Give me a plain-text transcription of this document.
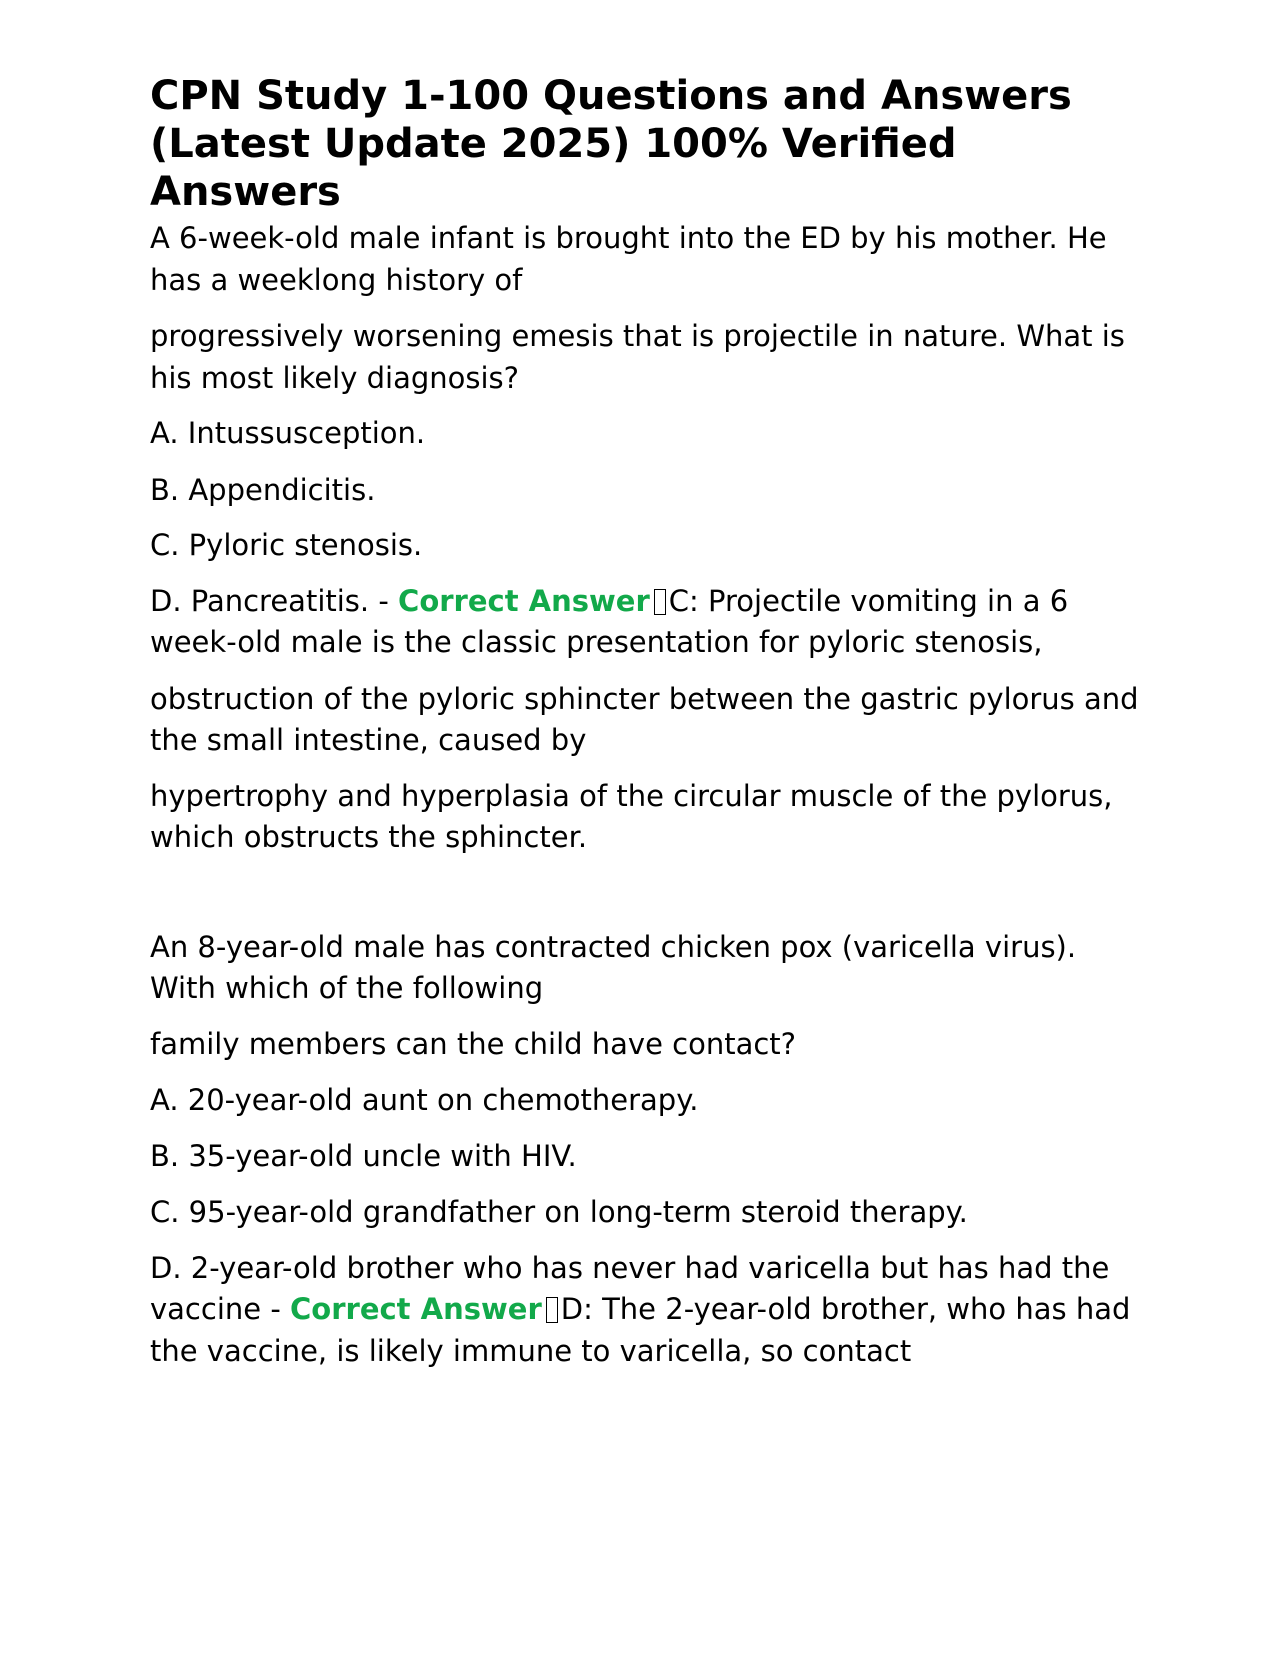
CPN Study 1-100 Questions and Answers (Latest Update 2025) 100% Verified Answers

A 6-week-old male infant is brought into the ED by his mother. He has a weeklong history of

progressively worsening emesis that is projectile in nature. What is his most likely diagnosis?

A. Intussusception.

B. Appendicitis.

C. Pyloric stenosis.

D. Pancreatitis. - Correct Answer C: Projectile vomiting in a 6 week-old male is the classic presentation for pyloric stenosis,

obstruction of the pyloric sphincter between the gastric pylorus and the small intestine, caused by

hypertrophy and hyperplasia of the circular muscle of the pylorus, which obstructs the sphincter.

An 8-year-old male has contracted chicken pox (varicella virus). With which of the following

family members can the child have contact?

A. 20-year-old aunt on chemotherapy.

B. 35-year-old uncle with HIV.

C. 95-year-old grandfather on long-term steroid therapy.

D. 2-year-old brother who has never had varicella but has had the vaccine - Correct Answer D: The 2-year-old brother, who has had the vaccine, is likely immune to varicella, so contact
